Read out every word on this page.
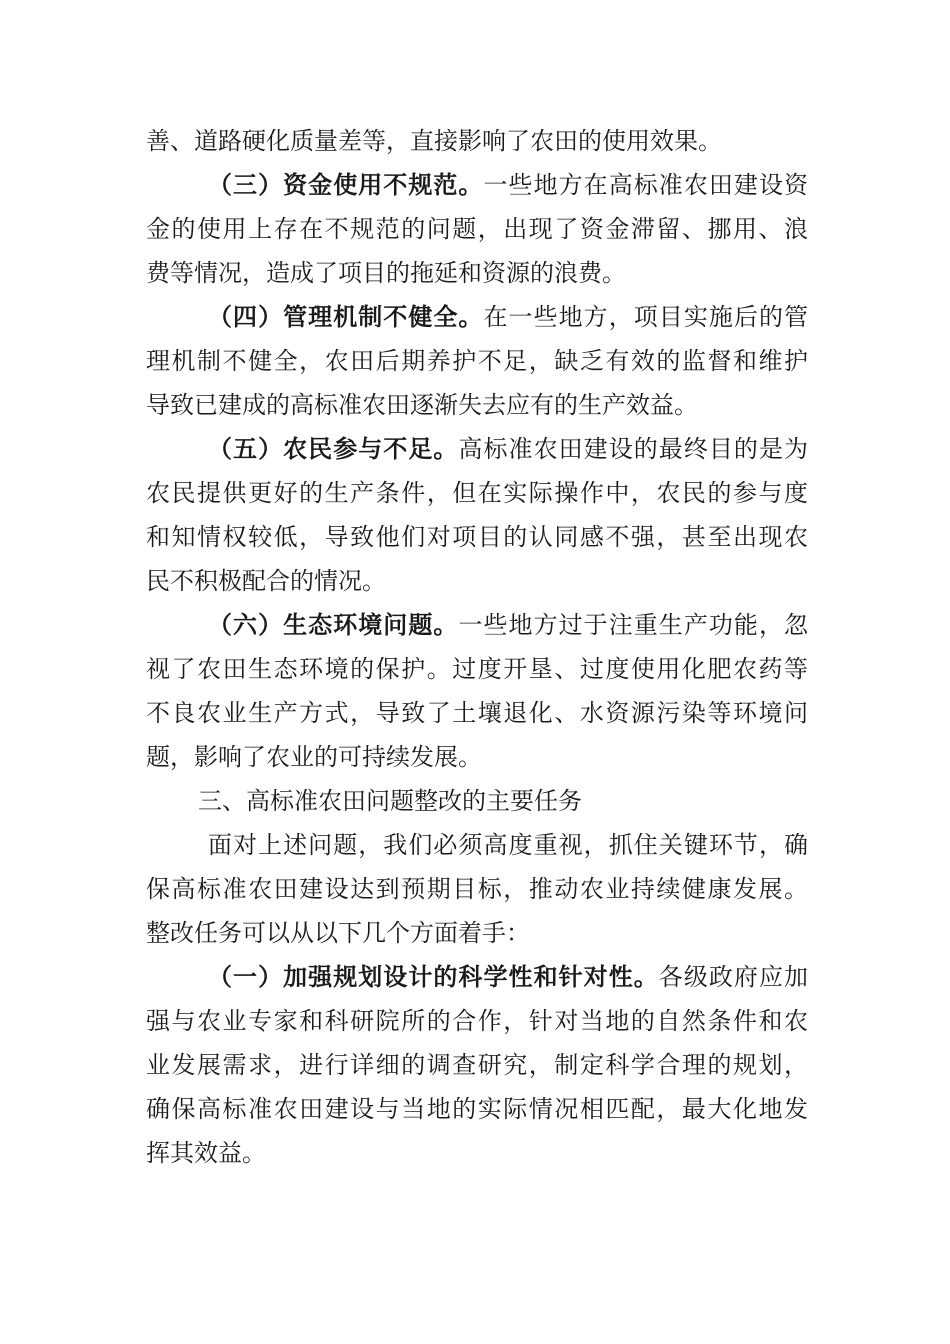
善、道路硬化质量差等，直接影响了农田的使用效果。
（三）资金使用不规范。一些地方在高标准农田建设资
金的使用上存在不规范的问题，出现了资金滞留、挪用、浪
费等情况，造成了项目的拖延和资源的浪费。
（四）管理机制不健全。在一些地方，项目实施后的管
理机制不健全，农田后期养护不足，缺乏有效的监督和维护
导致已建成的高标准农田逐渐失去应有的生产效益。
（五）农民参与不足。高标准农田建设的最终目的是为
农民提供更好的生产条件，但在实际操作中，农民的参与度
和知情权较低，导致他们对项目的认同感不强，甚至出现农
民不积极配合的情况。
（六）生态环境问题。一些地方过于注重生产功能，忽
视了农田生态环境的保护。过度开垦、过度使用化肥农药等
不良农业生产方式，导致了土壤退化、水资源污染等环境问
题，影响了农业的可持续发展。
三、高标准农田问题整改的主要任务
面对上述问题，我们必须高度重视，抓住关键环节，确
保高标准农田建设达到预期目标，推动农业持续健康发展。
整改任务可以从以下几个方面着手：
（一）加强规划设计的科学性和针对性。各级政府应加
强与农业专家和科研院所的合作，针对当地的自然条件和农
业发展需求，进行详细的调查研究，制定科学合理的规划，
确保高标准农田建设与当地的实际情况相匹配，最大化地发
挥其效益。
